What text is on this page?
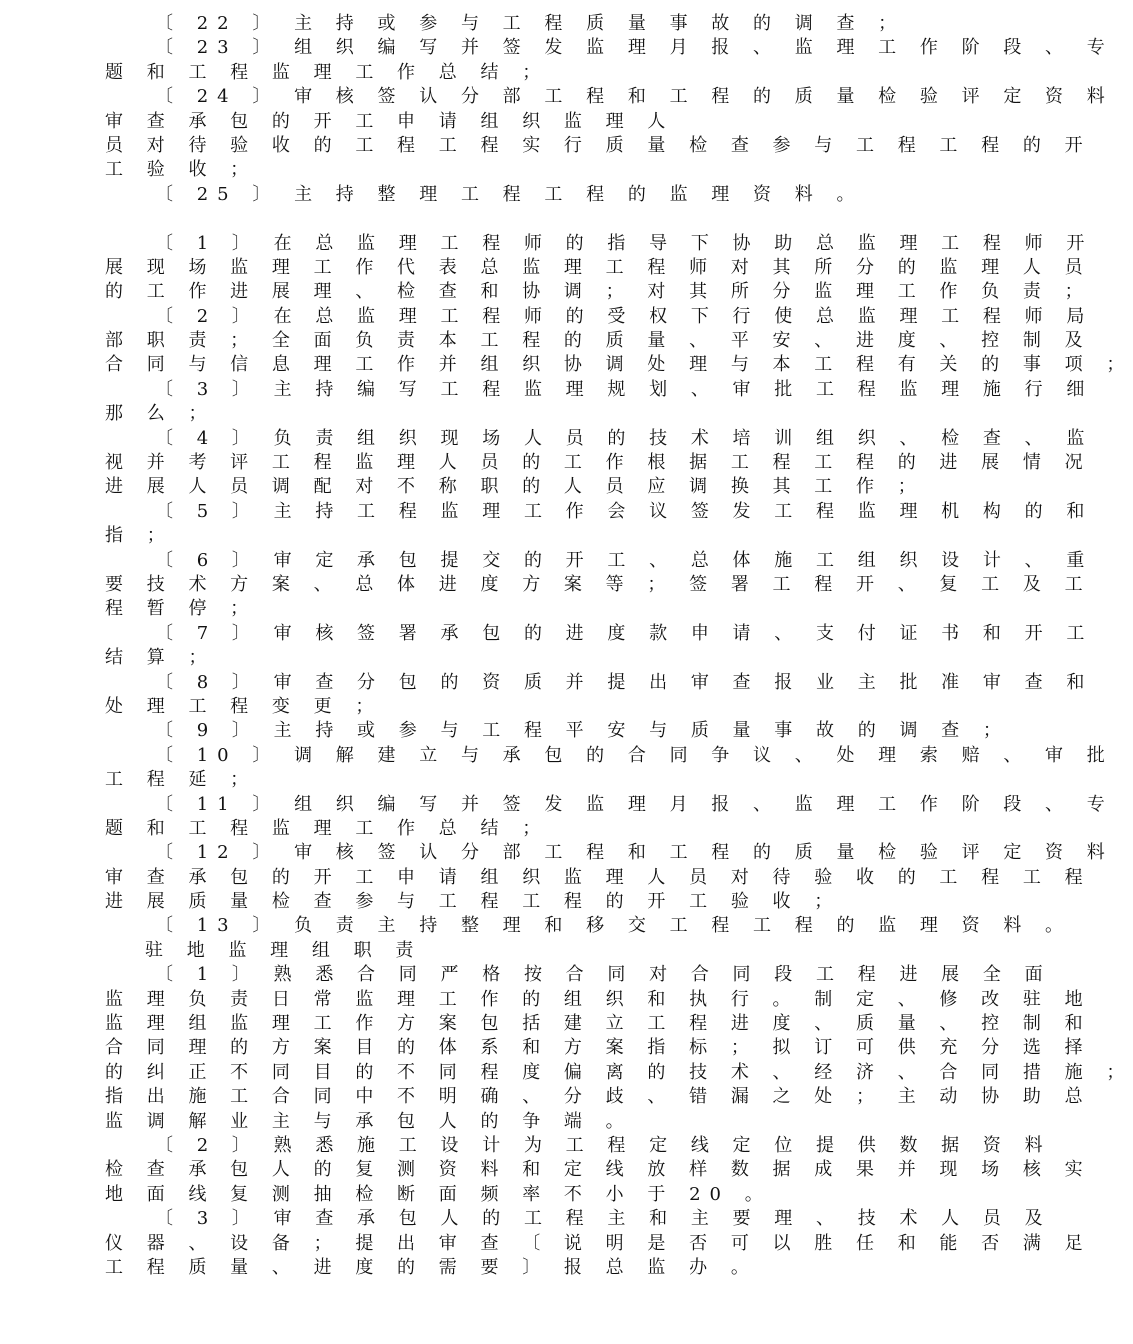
〔 22 〕 主 持 或 参 与 工 程 质 量 事 故 的 调 查 ；
〔 23 〕 组 织 编 写 并 签 发 监 理 月 报 、 监 理 工 作 阶 段 、 专
题 和 工 程 监 理 工 作 总 结 ；
〔 24 〕 审 核 签 认 分 部 工 程 和 工 程 的 质 量 检 验 评 定 资 料
审 查 承 包 的 开 工 申 请 组 织 监 理 人
员 对 待 验 收 的 工 程 工 程 实 行 质 量 检 查 参 与 工 程 工 程 的 开
工 验 收 ；
〔 25 〕 主 持 整 理 工 程 工 程 的 监 理 资 料 。
〔 1 〕 在 总 监 理 工 程 师 的 指 导 下 协 助 总 监 理 工 程 师 开
展 现 场 监 理 工 作 代 表 总 监 理 工 程 师 对 其 所 分 的 监 理 人 员
的 工 作 进 展 理 、 检 查 和 协 调 ； 对 其 所 分 监 理 工 作 负 责 ；
〔 2 〕 在 总 监 理 工 程 师 的 受 权 下 行 使 总 监 理 工 程 师 局
部 职 责 ； 全 面 负 责 本 工 程 的 质 量 、 平 安 、 进 度 、 控 制 及
合 同 与 信 息 理 工 作 并 组 织 协 调 处 理 与 本 工 程 有 关 的 事 项 ；
〔 3 〕 主 持 编 写 工 程 监 理 规 划 、 审 批 工 程 监 理 施 行 细
那 么 ；
〔 4 〕 负 责 组 织 现 场 人 员 的 技 术 培 训 组 织 、 检 查 、 监
视 并 考 评 工 程 监 理 人 员 的 工 作 根 据 工 程 工 程 的 进 展 情 况
进 展 人 员 调 配 对 不 称 职 的 人 员 应 调 换 其 工 作 ；
〔 5 〕 主 持 工 程 监 理 工 作 会 议 签 发 工 程 监 理 机 构 的 和
指 ；
〔 6 〕 审 定 承 包 提 交 的 开 工 、 总 体 施 工 组 织 设 计 、 重
要 技 术 方 案 、 总 体 进 度 方 案 等 ； 签 署 工 程 开 、 复 工 及 工
程 暂 停 ；
〔 7 〕 审 核 签 署 承 包 的 进 度 款 申 请 、 支 付 证 书 和 开 工
结 算 ；
〔 8 〕 审 查 分 包 的 资 质 并 提 出 审 查 报 业 主 批 准 审 查 和
处 理 工 程 变 更 ；
〔 9 〕 主 持 或 参 与 工 程 平 安 与 质 量 事 故 的 调 查 ；
〔 10 〕 调 解 建 立 与 承 包 的 合 同 争 议 、 处 理 索 赔 、 审 批
工 程 延 ；
〔 11 〕 组 织 编 写 并 签 发 监 理 月 报 、 监 理 工 作 阶 段 、 专
题 和 工 程 监 理 工 作 总 结 ；
〔 12 〕 审 核 签 认 分 部 工 程 和 工 程 的 质 量 检 验 评 定 资 料
审 查 承 包 的 开 工 申 请 组 织 监 理 人 员 对 待 验 收 的 工 程 工 程
进 展 质 量 检 查 参 与 工 程 工 程 的 开 工 验 收 ；
〔 13 〕 负 责 主 持 整 理 和 移 交 工 程 工 程 的 监 理 资 料 。
驻 地 监 理 组 职 责
〔 1 〕 熟 悉 合 同 严 格 按 合 同 对 合 同 段 工 程 进 展 全 面
监 理 负 责 日 常 监 理 工 作 的 组 织 和 执 行 。 制 定 、 修 改 驻 地
监 理 组 监 理 工 作 方 案 包 括 建 立 工 程 进 度 、 质 量 、 控 制 和
合 同 理 的 方 案 目 的 体 系 和 方 案 指 标 ； 拟 订 可 供 充 分 选 择
的 纠 正 不 同 目 的 不 同 程 度 偏 离 的 技 术 、 经 济 、 合 同 措 施 ；
指 出 施 工 合 同 中 不 明 确 、 分 歧 、 错 漏 之 处 ； 主 动 协 助 总
监 调 解 业 主 与 承 包 人 的 争 端 。
〔 2 〕 熟 悉 施 工 设 计 为 工 程 定 线 定 位 提 供 数 据 资 料
检 查 承 包 人 的 复 测 资 料 和 定 线 放 样 数 据 成 果 并 现 场 核 实
地 面 线 复 测 抽 检 断 面 频 率 不 小 于 20 。
〔 3 〕 审 查 承 包 人 的 工 程 主 和 主 要 理 、 技 术 人 员 及
仪 器 、 设 备 ； 提 出 审 查 〔 说 明 是 否 可 以 胜 任 和 能 否 满 足
工 程 质 量 、 进 度 的 需 要 〕 报 总 监 办 。
